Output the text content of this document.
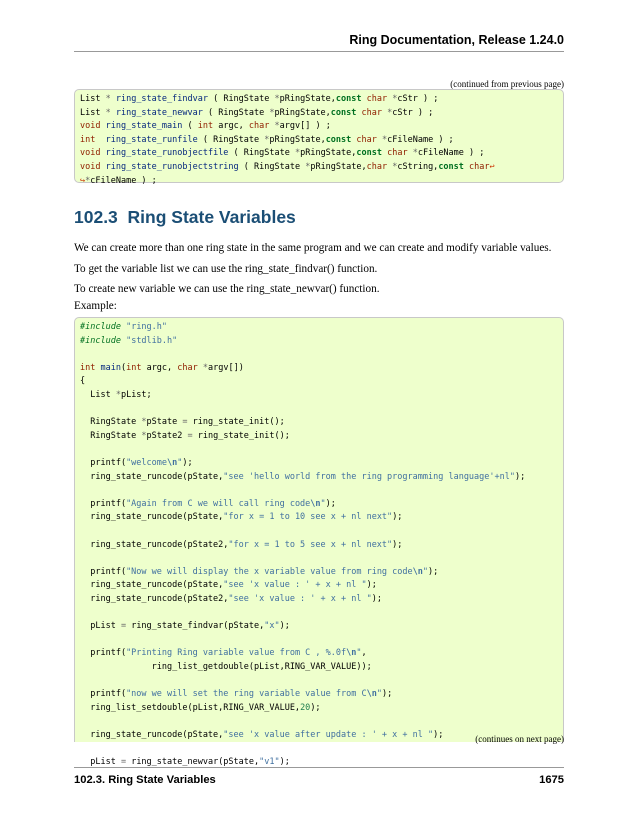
Ring Documentation, Release 1.24.0
(continued from previous page)
List * ring_state_findvar ( RingState *pRingState,const char *cStr ) ;
List * ring_state_newvar ( RingState *pRingState,const char *cStr ) ;
void ring_state_main ( int argc, char *argv[] ) ;
int ring_state_runfile ( RingState *pRingState,const char *cFileName ) ;
void ring_state_runobjectfile ( RingState *pRingState,const char *cFileName ) ;
void ring_state_runobjectstring ( RingState *pRingState,char *cString,const char↩
↪*cFileName ) ;
102.3 Ring State Variables
We can create more than one ring state in the same program and we can create and modify variable values.
To get the variable list we can use the ring_state_findvar() function.
To create new variable we can use the ring_state_newvar() function.
Example:
#include "ring.h"
#include "stdlib.h"

int main(int argc, char *argv[])
{
List *pList;

RingState *pState = ring_state_init();
RingState *pState2 = ring_state_init();

printf("welcome\n");
ring_state_runcode(pState,"see 'hello world from the ring programming language'+nl");

printf("Again from C we will call ring code\n");
ring_state_runcode(pState,"for x = 1 to 10 see x + nl next");

ring_state_runcode(pState2,"for x = 1 to 5 see x + nl next");

printf("Now we will display the x variable value from ring code\n");
ring_state_runcode(pState,"see 'x value : ' + x + nl ");
ring_state_runcode(pState2,"see 'x value : ' + x + nl ");

pList = ring_state_findvar(pState,"x");

printf("Printing Ring variable value from C , %.0f\n",
ring_list_getdouble(pList,RING_VAR_VALUE));

printf("now we will set the ring variable value from C\n");
ring_list_setdouble(pList,RING_VAR_VALUE,20);

ring_state_runcode(pState,"see 'x value after update : ' + x + nl ");

pList = ring_state_newvar(pState,"v1");
(continues on next page)
102.3. Ring State Variables	1675
